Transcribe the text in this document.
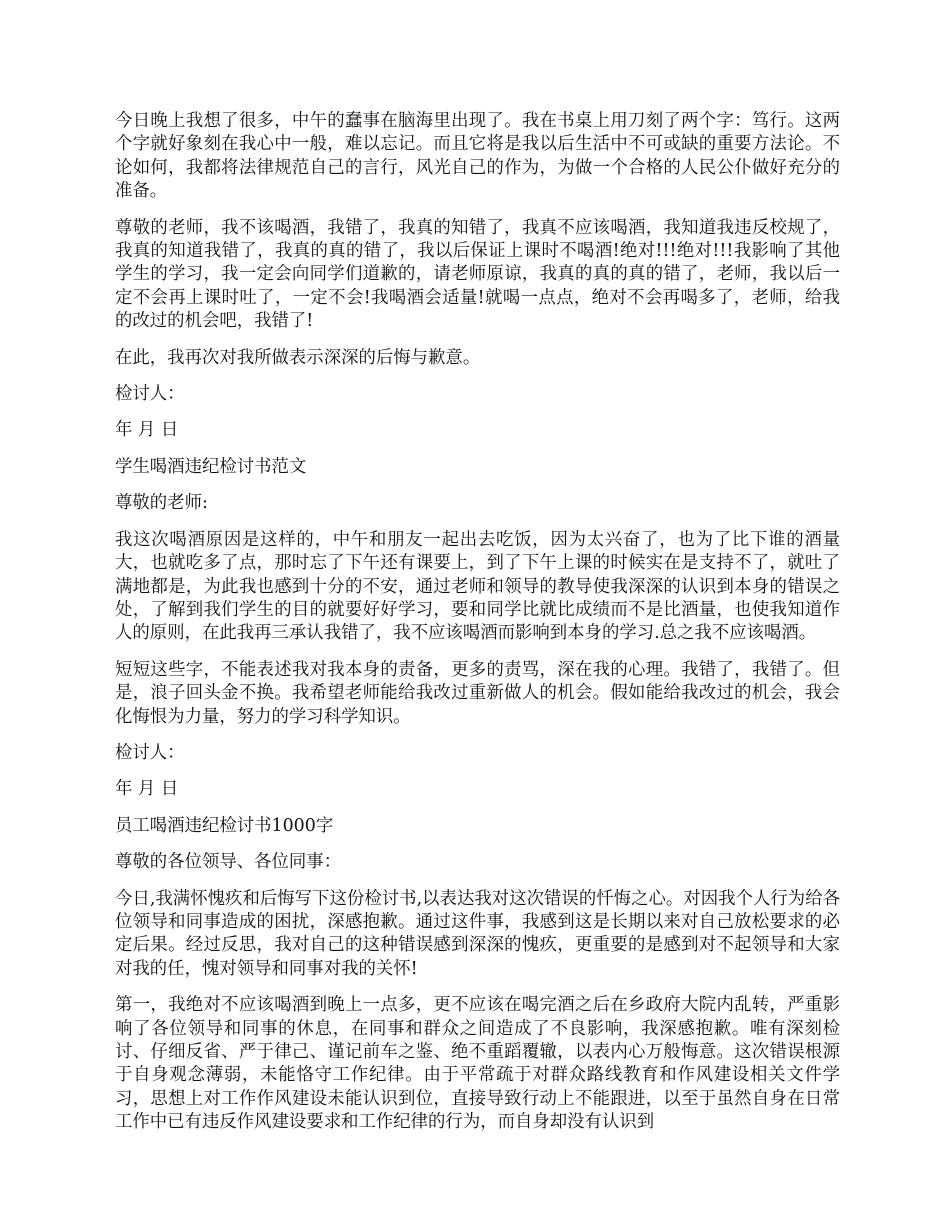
今日晚上我想了很多，中午的蠢事在脑海里出现了。我在书桌上用刀刻了两个字：笃行。这两个字就好象刻在我心中一般，难以忘记。而且它将是我以后生活中不可或缺的重要方法论。不论如何，我都将法律规范自己的言行，风光自己的作为，为做一个合格的人民公仆做好充分的准备。

尊敬的老师，我不该喝酒，我错了，我真的知错了，我真不应该喝酒，我知道我违反校规了，我真的知道我错了，我真的真的错了，我以后保证上课时不喝酒!绝对!!!绝对!!!我影响了其他学生的学习，我一定会向同学们道歉的，请老师原谅，我真的真的真的错了，老师，我以后一定不会再上课时吐了，一定不会!我喝酒会适量!就喝一点点，绝对不会再喝多了，老师，给我的改过的机会吧，我错了!

在此，我再次对我所做表示深深的后悔与歉意。

检讨人：

年 月 日

学生喝酒违纪检讨书范文

尊敬的老师:

我这次喝酒原因是这样的，中午和朋友一起出去吃饭，因为太兴奋了，也为了比下谁的酒量大，也就吃多了点，那时忘了下午还有课要上，到了下午上课的时候实在是支持不了，就吐了满地都是，为此我也感到十分的不安，通过老师和领导的教导使我深深的认识到本身的错误之处，了解到我们学生的目的就要好好学习，要和同学比就比成绩而不是比酒量，也使我知道作人的原则，在此我再三承认我错了，我不应该喝酒而影响到本身的学习.总之我不应该喝酒。

短短这些字，不能表述我对我本身的责备，更多的责骂，深在我的心理。我错了，我错了。但是，浪子回头金不换。我希望老师能给我改过重新做人的机会。假如能给我改过的机会，我会化悔恨为力量，努力的学习科学知识。

检讨人：

年 月 日

员工喝酒违纪检讨书1000字

尊敬的各位领导、各位同事：

今日,我满怀愧疚和后悔写下这份检讨书,以表达我对这次错误的忏悔之心。对因我个人行为给各位领导和同事造成的困扰，深感抱歉。通过这件事，我感到这是长期以来对自己放松要求的必定后果。经过反思，我对自己的这种错误感到深深的愧疚，更重要的是感到对不起领导和大家对我的任，愧对领导和同事对我的关怀!

第一，我绝对不应该喝酒到晚上一点多，更不应该在喝完酒之后在乡政府大院内乱转，严重影响了各位领导和同事的休息，在同事和群众之间造成了不良影响，我深感抱歉。唯有深刻检讨、仔细反省、严于律己、谨记前车之鉴、绝不重蹈覆辙，以表内心万般悔意。这次错误根源于自身观念薄弱，未能恪守工作纪律。由于平常疏于对群众路线教育和作风建设相关文件学习，思想上对工作作风建设未能认识到位，直接导致行动上不能跟进，以至于虽然自身在日常工作中已有违反作风建设要求和工作纪律的行为，而自身却没有认识到
